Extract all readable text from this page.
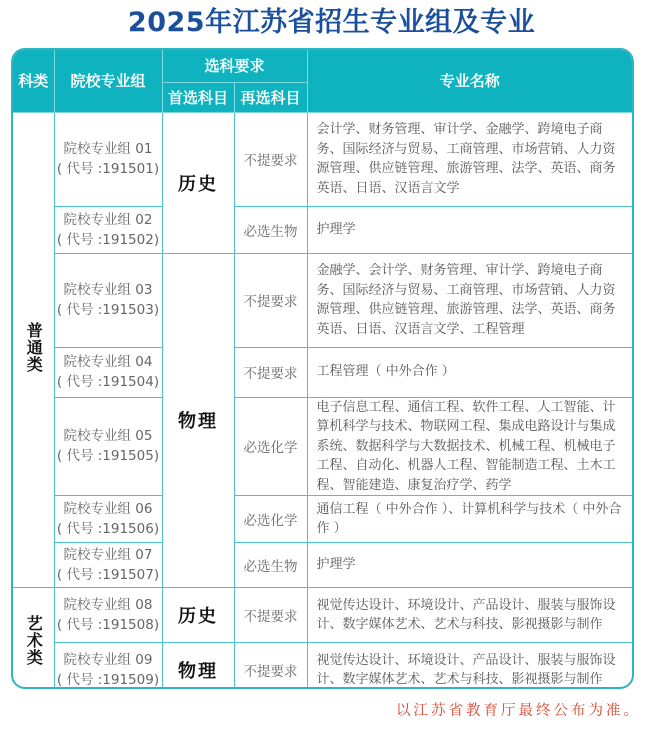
2025年江苏省招生专业组及专业
科类	院校专业组	选科要求		专业名称
		首选科目	再选科目	
普通类	院校专业组 01
( 代号 :191501)	历史	不提要求	会计学、财务管理、审计学、金融学、跨境电子商务、国际经济与贸易、工商管理、市场营销、人力资源管理、供应链管理、旅游管理、法学、英语、商务英语、日语、汉语言文学

	院校专业组 02
( 代号 :191502)		必选生物	护理学

	院校专业组 03
( 代号 :191503)	物理	不提要求	金融学、会计学、财务管理、审计学、跨境电子商务、国际经济与贸易、工商管理、市场营销、人力资源管理、供应链管理、旅游管理、法学、英语、商务英语、日语、汉语言文学、工程管理

	院校专业组 04
( 代号 :191504)		不提要求	工程管理（ 中外合作 ）

	院校专业组 05
( 代号 :191505)		必选化学	电子信息工程、通信工程、软件工程、人工智能、计算机科学与技术、物联网工程、集成电路设计与集成系统、数据科学与大数据技术、机械工程、机械电子工程、自动化、机器人工程、智能制造工程、土木工程、智能建造、康复治疗学、药学

	院校专业组 06
( 代号 :191506)		必选化学	通信工程（ 中外合作 ）、计算机科学与技术（ 中外合作 ）

	院校专业组 07
( 代号 :191507)		必选生物	护理学
艺术类	院校专业组 08
( 代号 :191508)	历史	不提要求	视觉传达设计、环境设计、产品设计、服装与服饰设计、数字媒体艺术、艺术与科技、影视摄影与制作

	院校专业组 09
( 代号 :191509)	物理	不提要求	视觉传达设计、环境设计、产品设计、服装与服饰设计、数字媒体艺术、艺术与科技、影视摄影与制作
以江苏省教育厅最终公布为准。
